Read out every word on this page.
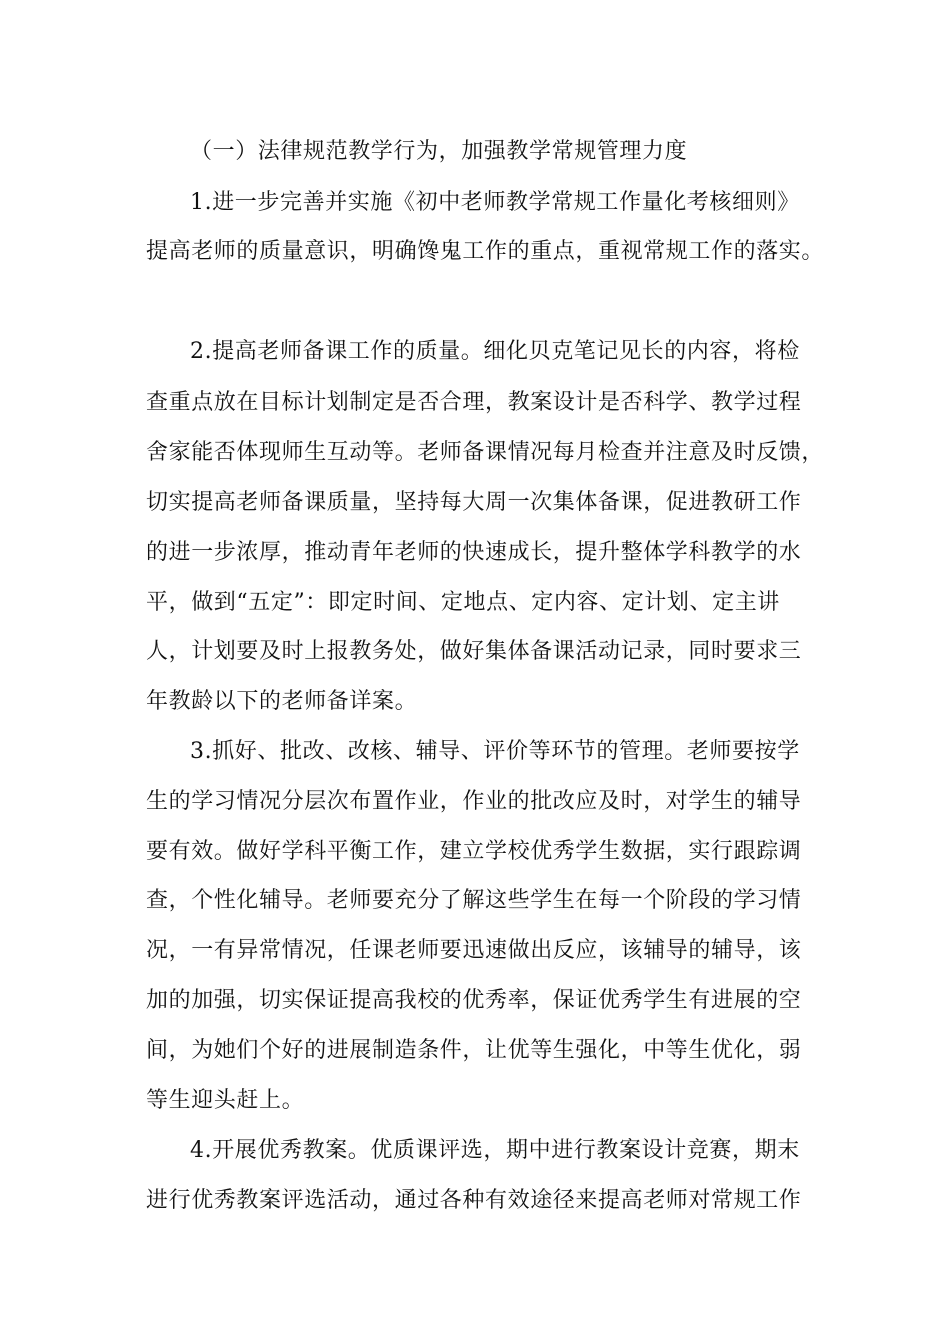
（一）法律规范教学行为，加强教学常规管理力度
1.进一步完善并实施《初中老师教学常规工作量化考核细则》
提高老师的质量意识，明确馋鬼工作的重点，重视常规工作的落实。
2.提高老师备课工作的质量。细化贝克笔记见长的内容，将检
查重点放在目标计划制定是否合理，教案设计是否科学、教学过程
舍家能否体现师生互动等。老师备课情况每月检查并注意及时反馈，
切实提高老师备课质量，坚持每大周一次集体备课，促进教研工作
的进一步浓厚，推动青年老师的快速成长，提升整体学科教学的水
平，做到“五定”：即定时间、定地点、定内容、定计划、定主讲
人，计划要及时上报教务处，做好集体备课活动记录，同时要求三
年教龄以下的老师备详案。
3.抓好、批改、改核、辅导、评价等环节的管理。老师要按学
生的学习情况分层次布置作业，作业的批改应及时，对学生的辅导
要有效。做好学科平衡工作，建立学校优秀学生数据，实行跟踪调
查，个性化辅导。老师要充分了解这些学生在每一个阶段的学习情
况，一有异常情况，任课老师要迅速做出反应，该辅导的辅导，该
加的加强，切实保证提高我校的优秀率，保证优秀学生有进展的空
间，为她们个好的进展制造条件，让优等生强化，中等生优化，弱
等生迎头赶上。
4.开展优秀教案。优质课评选，期中进行教案设计竞赛，期末
进行优秀教案评选活动，通过各种有效途径来提高老师对常规工作
